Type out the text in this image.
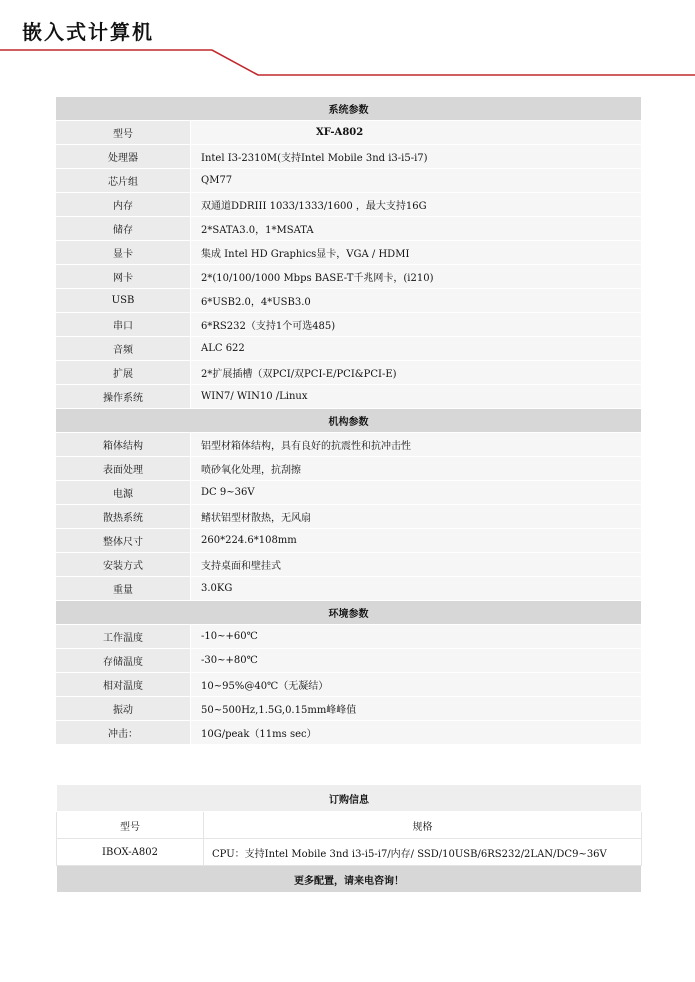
嵌入式计算机
系统参数	
型号	XF-A802
处理器	Intel I3-2310M(支持Intel Mobile 3nd i3-i5-i7)
芯片组	QM77
内存	双通道DDRIII 1033/1333/1600 ，最大支持16G
储存	2*SATA3.0，1*MSATA
显卡	集成 Intel HD Graphics显卡，VGA / HDMI
网卡	2*(10/100/1000 Mbps BASE-T千兆网卡，(i210)
USB	6*USB2.0，4*USB3.0
串口	6*RS232（支持1个可选485)
音频	ALC 622
扩展	2*扩展插槽（双PCI/双PCI-E/PCI&PCI-E)
操作系统	WIN7/ WIN10 /Linux
机构参数	
箱体结构	铝型材箱体结构，具有良好的抗震性和抗冲击性
表面处理	喷砂氧化处理，抗刮擦
电源	DC 9~36V
散热系统	鳍状铝型材散热，无风扇
整体尺寸	260*224.6*108mm
安装方式	支持桌面和壁挂式
重量	3.0KG
环境参数	
工作温度	-10~+60℃
存储温度	-30~+80℃
相对温度	10~95%@40℃（无凝结）
振动	50~500Hz,1.5G,0.15mm峰峰值
冲击：	10G/peak（11ms sec）
订购信息	
型号	规格
IBOX-A802	CPU：支持Intel Mobile 3nd i3-i5-i7/内存/ SSD/10USB/6RS232/2LAN/DC9~36V
更多配置，请来电咨询！	
